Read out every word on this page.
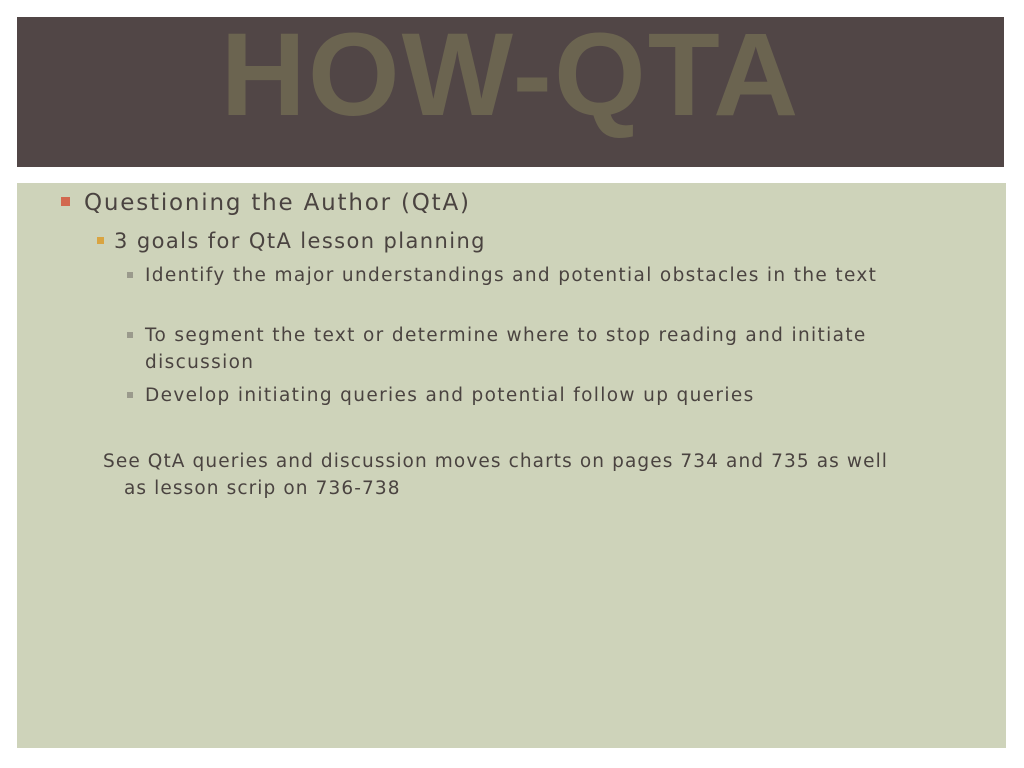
HOW-QTA
Questioning the Author (QtA)
3 goals for QtA lesson planning
Identify the major understandings and potential obstacles in the text
To segment the text or determine where to stop reading and initiate discussion
Develop initiating queries and potential follow up queries
See QtA queries and discussion moves charts on pages 734 and 735 as well as lesson scrip on 736-738
